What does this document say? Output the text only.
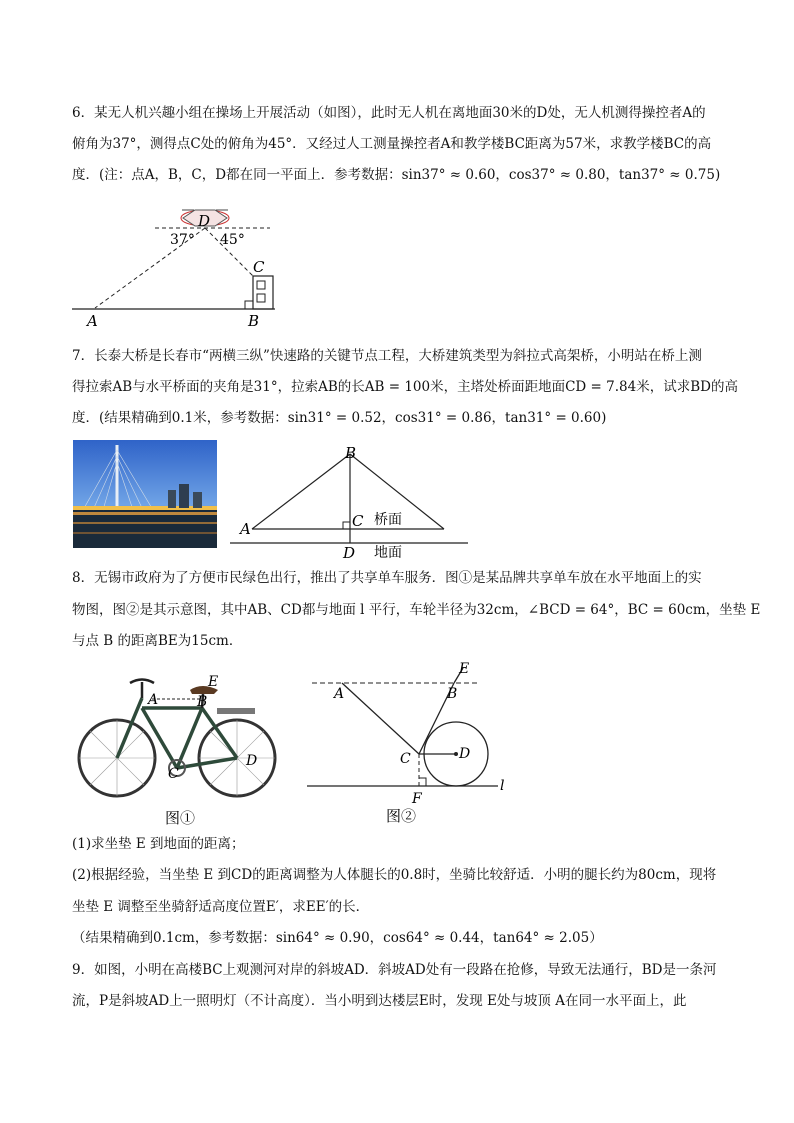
6．某无人机兴趣小组在操场上开展活动（如图），此时无人机在离地面30米的D处，无人机测得操控者A的
俯角为37°，测得点C处的俯角为45°．又经过人工测量操控者A和教学楼BC距离为57米，求教学楼BC的高
度．(注：点A，B，C，D都在同一平面上．参考数据：sin37° ≈ 0.60，cos37° ≈ 0.80，tan37° ≈ 0.75)
D
37° 45°
C
A	B
7．长泰大桥是长春市“两横三纵”快速路的关键节点工程，大桥建筑类型为斜拉式高架桥，小明站在桥上测
得拉索AB与水平桥面的夹角是31°，拉索AB的长AB = 100米，主塔处桥面距地面CD = 7.84米，试求BD的高
度．(结果精确到0.1米，参考数据：sin31° = 0.52，cos31° = 0.86，tan31° = 0.60)
B
A	C
D
桥面
地面
8．无锡市政府为了方便市民绿色出行，推出了共享单车服务．图①是某品牌共享单车放在水平地面上的实
物图，图②是其示意图，其中AB、CD都与地面 l 平行，车轮半径为32cm，∠BCD = 64°，BC = 60cm，坐垫 E
与点 B 的距离BE为15cm．
A	B
E
C
D
图①
A	B
E
C	D
F
l
图②
(1)求坐垫 E 到地面的距离；
(2)根据经验，当坐垫 E 到CD的距离调整为人体腿长的0.8时，坐骑比较舒适．小明的腿长约为80cm，现将
坐垫 E 调整至坐骑舒适高度位置E′，求EE′的长．
（结果精确到0.1cm，参考数据：sin64° ≈ 0.90，cos64° ≈ 0.44，tan64° ≈ 2.05）
9．如图，小明在高楼BC上观测河对岸的斜坡AD．斜坡AD处有一段路在抢修，导致无法通行，BD是一条河
流，P是斜坡AD上一照明灯（不计高度）．当小明到达楼层E时，发现 E处与坡顶 A在同一水平面上，此
